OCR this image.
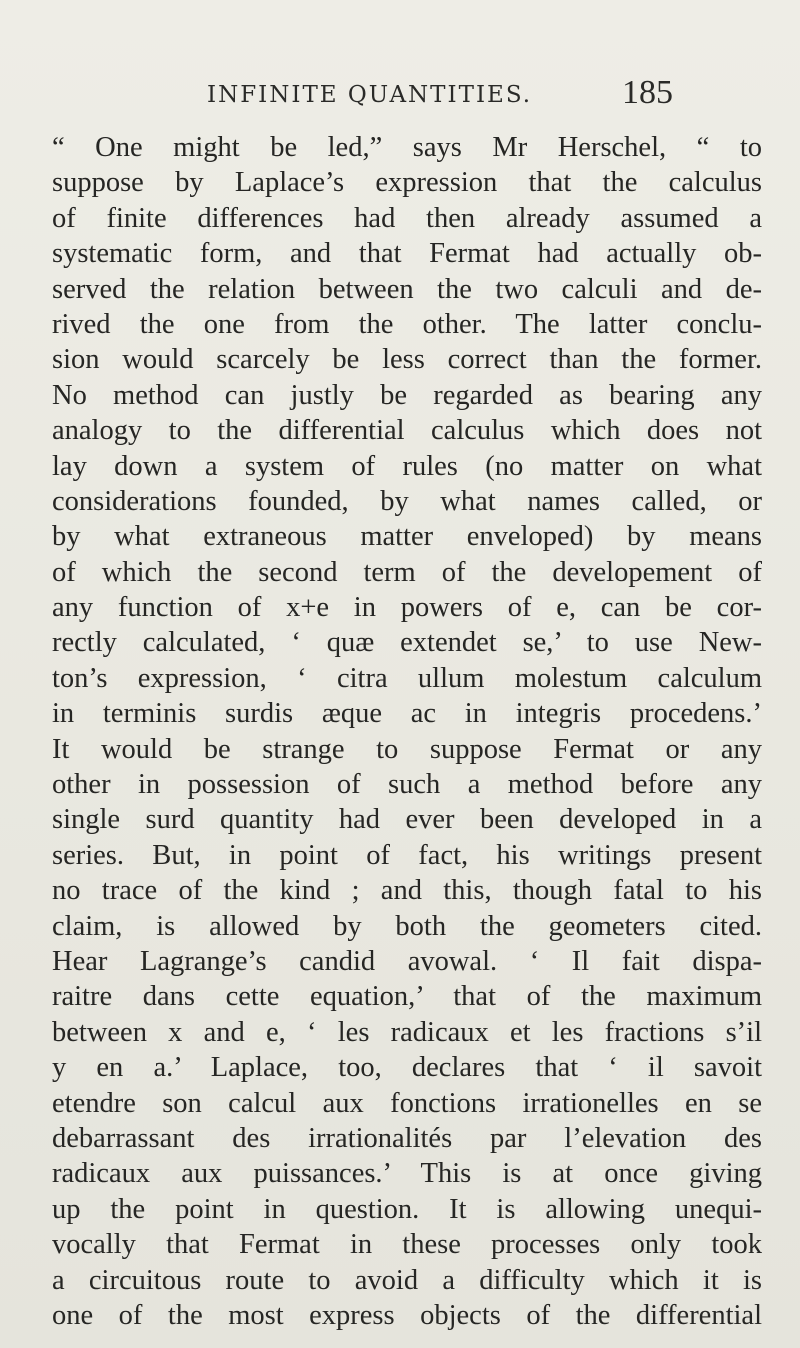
INFINITE QUANTITIES.	185
“ One might be led,” says Mr Herschel, “ to
suppose by Laplace’s expression that the calculus
of finite differences had then already assumed a
systematic form, and that Fermat had actually ob-
served the relation between the two calculi and de-
rived the one from the other. The latter conclu-
sion would scarcely be less correct than the former.
No method can justly be regarded as bearing any
analogy to the differential calculus which does not
lay down a system of rules (no matter on what
considerations founded, by what names called, or
by what extraneous matter enveloped) by means
of which the second term of the developement of
any function of x+e in powers of e, can be cor-
rectly calculated, ‘ quæ extendet se,’ to use New-
ton’s expression, ‘ citra ullum molestum calculum
in terminis surdis æque ac in integris procedens.’
It would be strange to suppose Fermat or any
other in possession of such a method before any
single surd quantity had ever been developed in a
series. But, in point of fact, his writings present
no trace of the kind ; and this, though fatal to his
claim, is allowed by both the geometers cited.
Hear Lagrange’s candid avowal. ‘ Il fait dispa-
raitre dans cette equation,’ that of the maximum
between x and e, ‘ les radicaux et les fractions s’il
y en a.’ Laplace, too, declares that ‘ il savoit
etendre son calcul aux fonctions irrationelles en se
debarrassant des irrationalités par l’elevation des
radicaux aux puissances.’ This is at once giving
up the point in question. It is allowing unequi-
vocally that Fermat in these processes only took
a circuitous route to avoid a difficulty which it is
one of the most express objects of the differential
